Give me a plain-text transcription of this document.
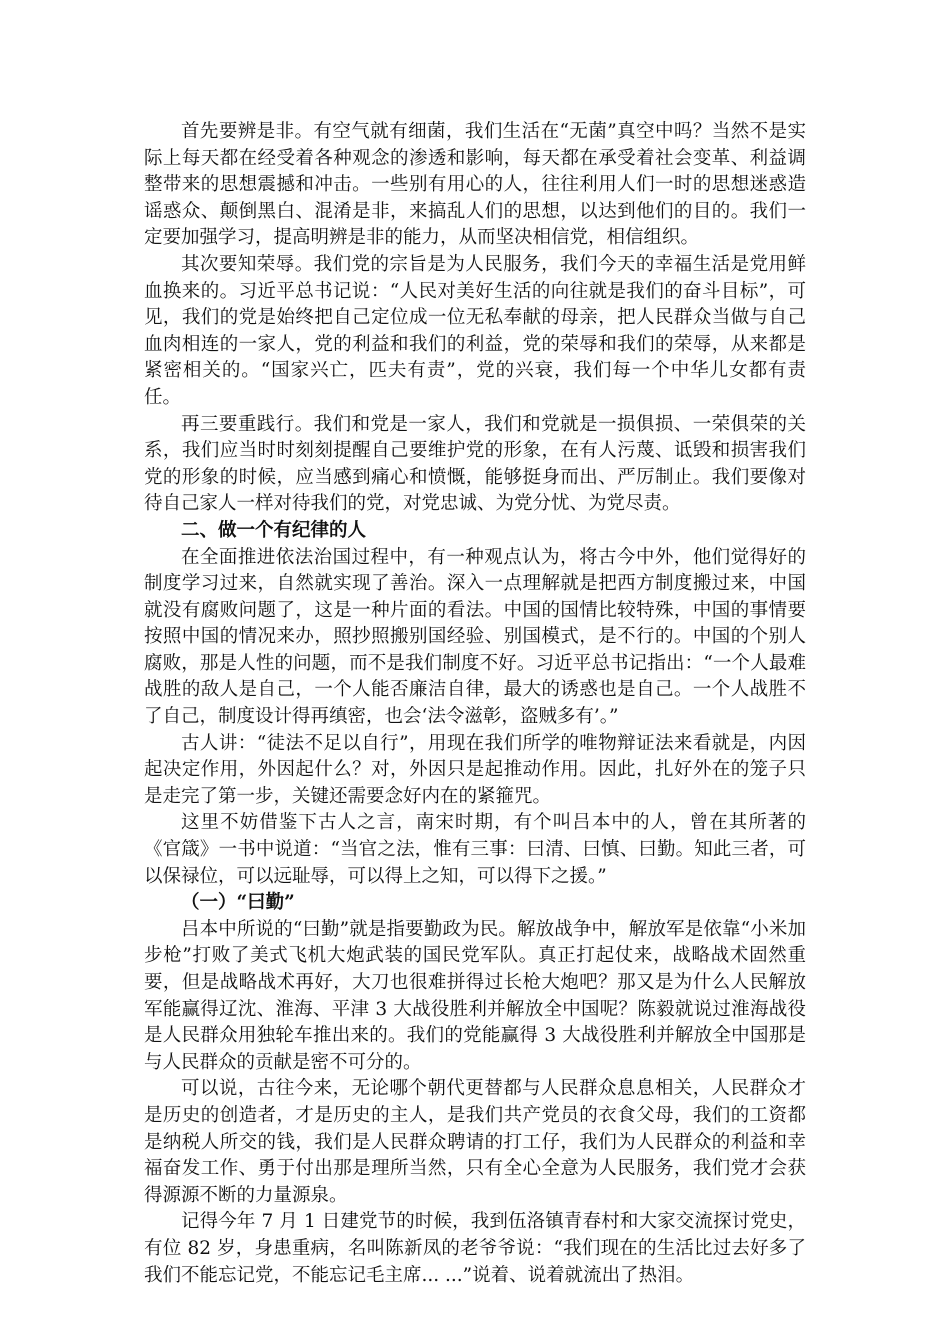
首先要辨是非。有空气就有细菌，我们生活在“无菌”真空中吗？当然不是实际上每天都在经受着各种观念的渗透和影响，每天都在承受着社会变革、利益调整带来的思想震撼和冲击。一些别有用心的人，往往利用人们一时的思想迷惑造谣惑众、颠倒黑白、混淆是非，来搞乱人们的思想，以达到他们的目的。我们一定要加强学习，提高明辨是非的能力，从而坚决相信党，相信组织。

其次要知荣辱。我们党的宗旨是为人民服务，我们今天的幸福生活是党用鲜血换来的。习近平总书记说：“人民对美好生活的向往就是我们的奋斗目标”，可见，我们的党是始终把自己定位成一位无私奉献的母亲，把人民群众当做与自己血肉相连的一家人，党的利益和我们的利益，党的荣辱和我们的荣辱，从来都是紧密相关的。“国家兴亡，匹夫有责”，党的兴衰，我们每一个中华儿女都有责任。

再三要重践行。我们和党是一家人，我们和党就是一损俱损、一荣俱荣的关系，我们应当时时刻刻提醒自己要维护党的形象，在有人污蔑、诋毁和损害我们党的形象的时候，应当感到痛心和愤慨，能够挺身而出、严厉制止。我们要像对待自己家人一样对待我们的党，对党忠诚、为党分忧、为党尽责。

二、做一个有纪律的人

在全面推进依法治国过程中，有一种观点认为，将古今中外，他们觉得好的制度学习过来，自然就实现了善治。深入一点理解就是把西方制度搬过来，中国就没有腐败问题了，这是一种片面的看法。中国的国情比较特殊，中国的事情要按照中国的情况来办，照抄照搬别国经验、别国模式，是不行的。中国的个别人腐败，那是人性的问题，而不是我们制度不好。习近平总书记指出：“一个人最难战胜的敌人是自己，一个人能否廉洁自律，最大的诱惑也是自己。一个人战胜不了自己，制度设计得再缜密，也会‘法令滋彰，盗贼多有’。”

古人讲：“徒法不足以自行”，用现在我们所学的唯物辩证法来看就是，内因起决定作用，外因起什么？对，外因只是起推动作用。因此，扎好外在的笼子只是走完了第一步，关键还需要念好内在的紧箍咒。

这里不妨借鉴下古人之言，南宋时期，有个叫吕本中的人，曾在其所著的《官箴》一书中说道：“当官之法，惟有三事：曰清、曰慎、曰勤。知此三者，可以保禄位，可以远耻辱，可以得上之知，可以得下之援。”

（一）“曰勤”

吕本中所说的“曰勤”就是指要勤政为民。解放战争中，解放军是依靠“小米加步枪”打败了美式飞机大炮武装的国民党军队。真正打起仗来，战略战术固然重要，但是战略战术再好，大刀也很难拼得过长枪大炮吧？那又是为什么人民解放军能赢得辽沈、淮海、平津 3 大战役胜利并解放全中国呢？陈毅就说过淮海战役是人民群众用独轮车推出来的。我们的党能赢得 3 大战役胜利并解放全中国那是与人民群众的贡献是密不可分的。

可以说，古往今来，无论哪个朝代更替都与人民群众息息相关，人民群众才是历史的创造者，才是历史的主人，是我们共产党员的衣食父母，我们的工资都是纳税人所交的钱，我们是人民群众聘请的打工仔，我们为人民群众的利益和幸福奋发工作、勇于付出那是理所当然，只有全心全意为人民服务，我们党才会获得源源不断的力量源泉。

记得今年 7 月 1 日建党节的时候，我到伍洛镇青春村和大家交流探讨党史，有位 82 岁，身患重病，名叫陈新凤的老爷爷说：“我们现在的生活比过去好多了我们不能忘记党，不能忘记毛主席... ...”说着、说着就流出了热泪。
